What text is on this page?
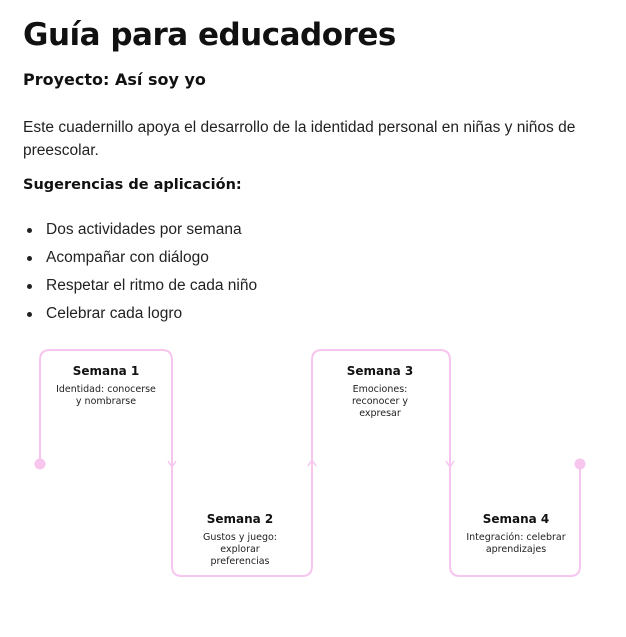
Guía para educadores
Proyecto: Así soy yo

Este cuadernillo apoya el desarrollo de la identidad personal en niñas y niños de preescolar.

Sugerencias de aplicación:
Dos actividades por semana
Acompañar con diálogo
Respetar el ritmo de cada niño
Celebrar cada logro
Semana 1
Identidad: conocerse y nombrarse
Semana 2
Gustos y juego: explorar preferencias
Semana 3
Emociones: reconocer y expresar
Semana 4
Integración: celebrar aprendizajes
